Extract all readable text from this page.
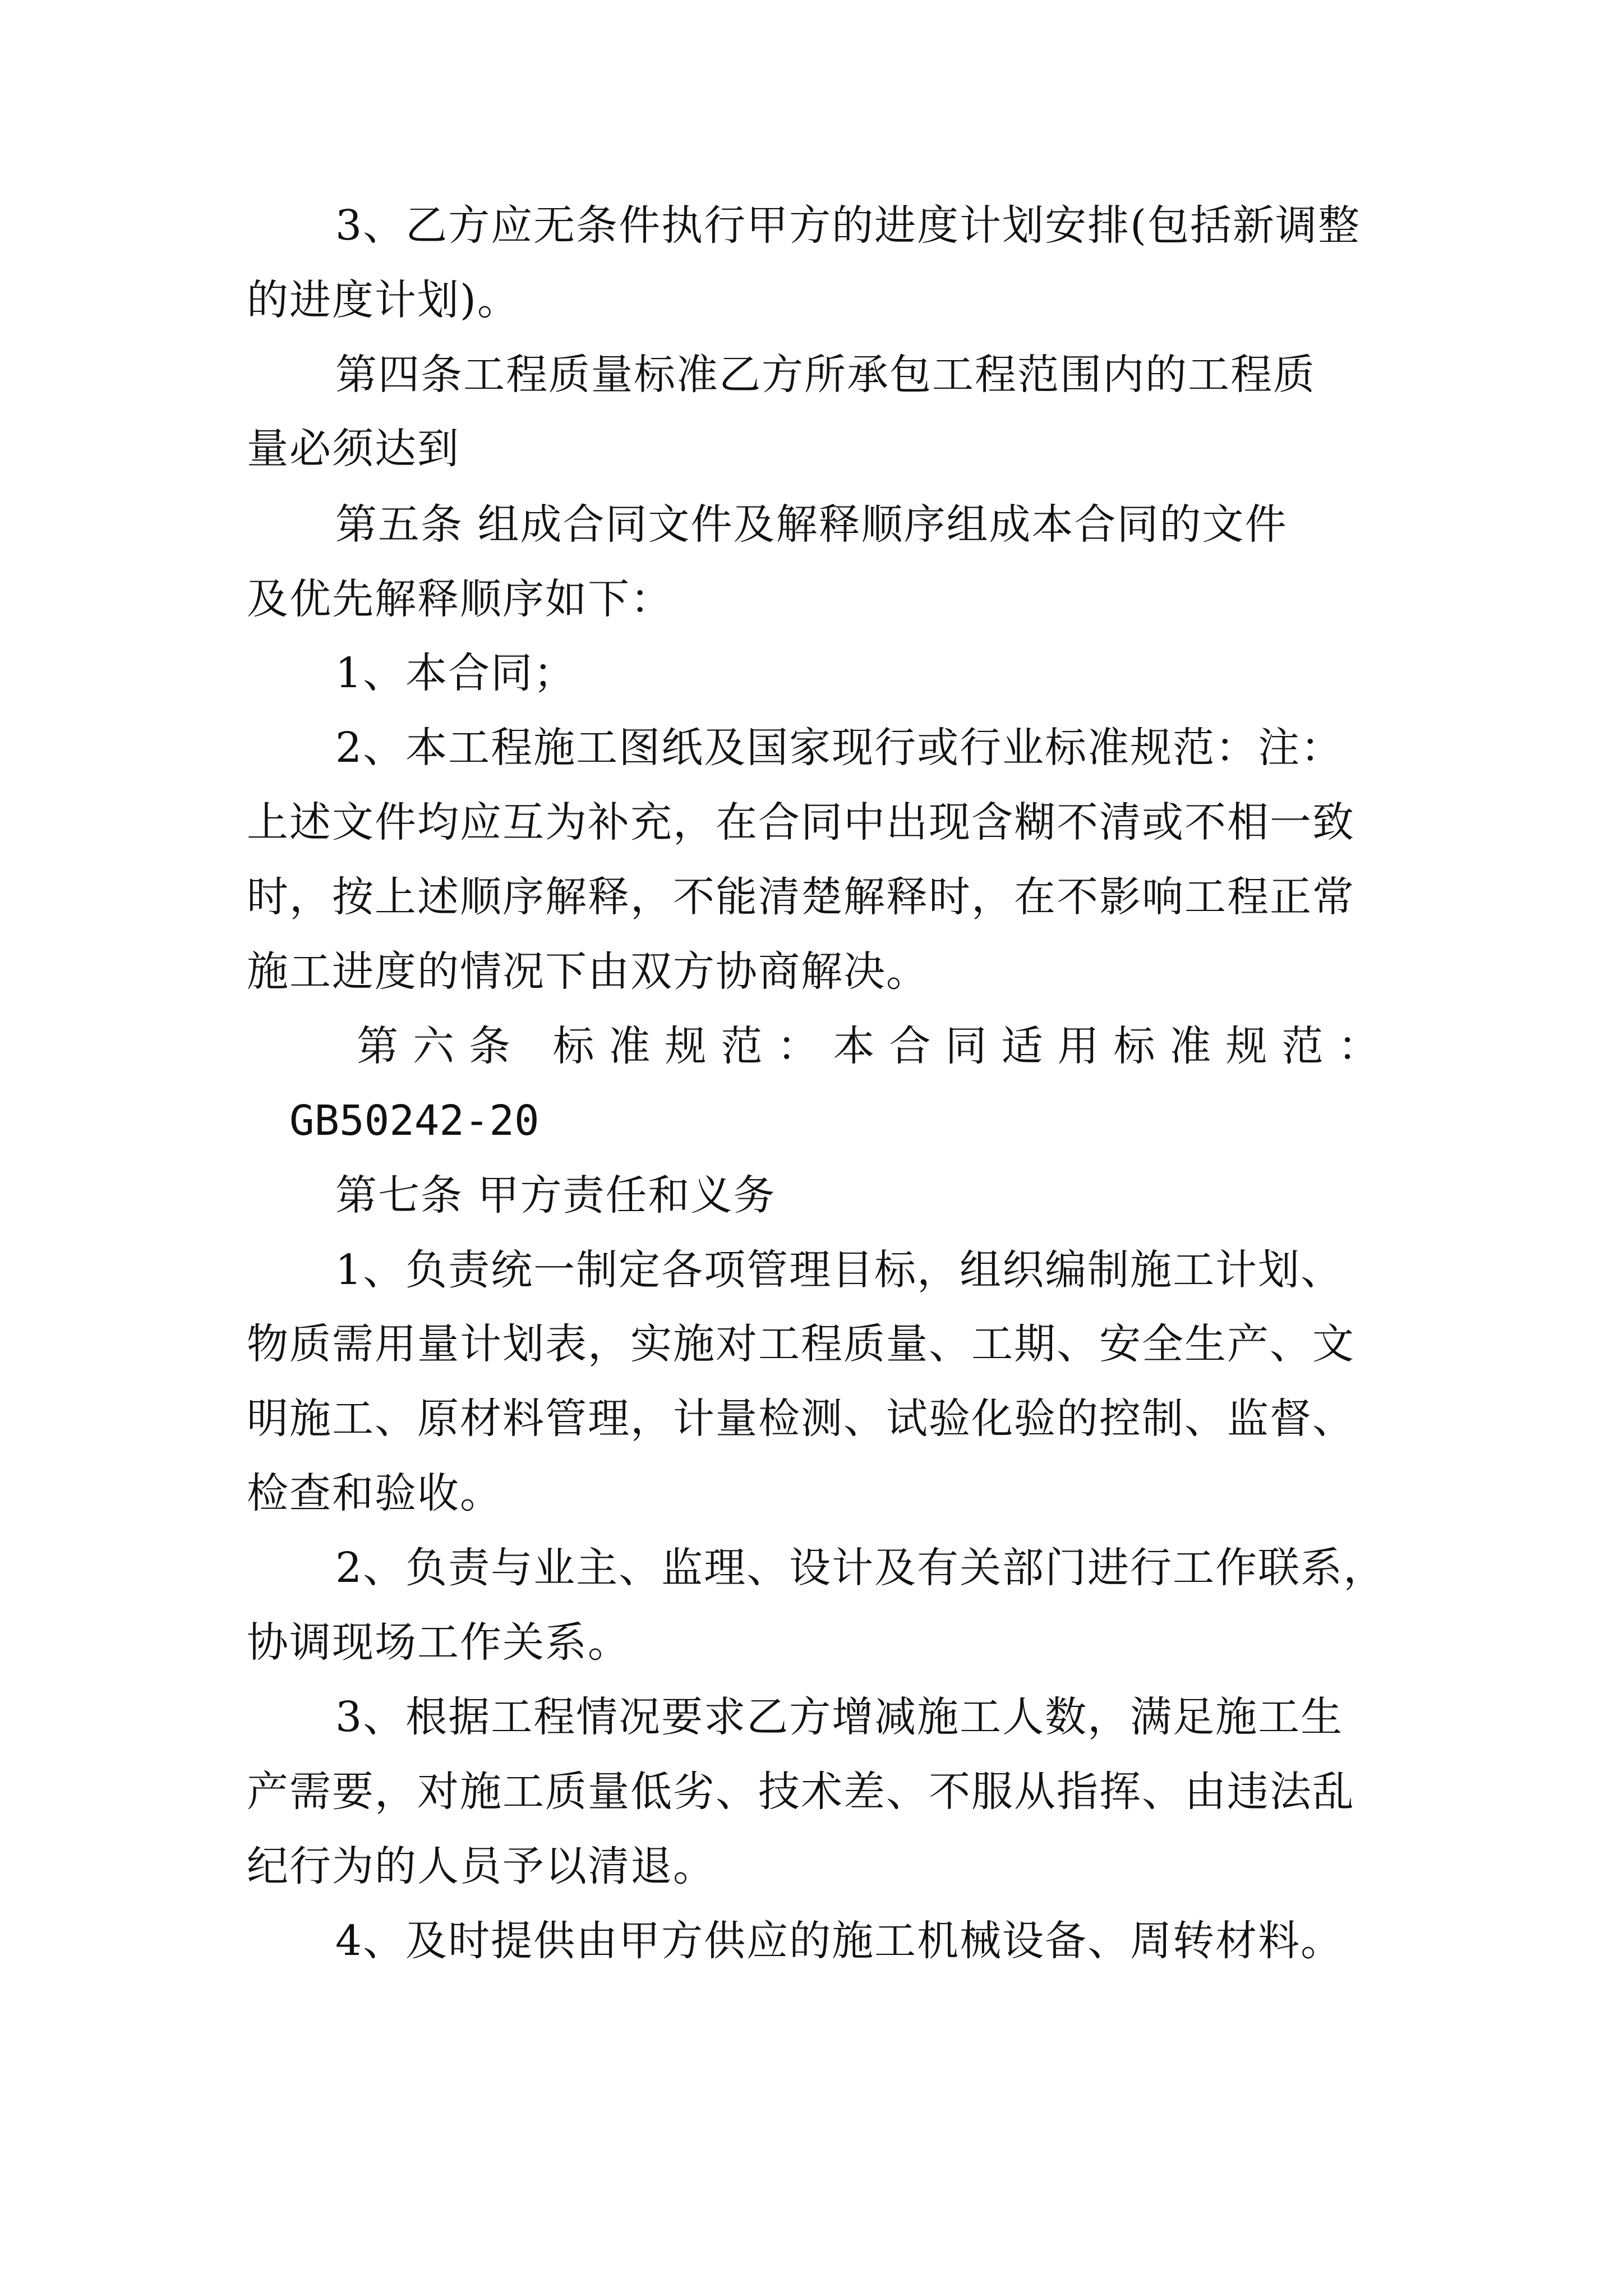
3、乙方应无条件执行甲方的进度计划安排(包括新调整
的进度计划)。
第四条工程质量标准乙方所承包工程范围内的工程质
量必须达到
第五条 组成合同文件及解释顺序组成本合同的文件
及优先解释顺序如下：
1、本合同；
2、本工程施工图纸及国家现行或行业标准规范：注：
上述文件均应互为补充，在合同中出现含糊不清或不相一致
时，按上述顺序解释，不能清楚解释时，在不影响工程正常
施工进度的情况下由双方协商解决。
第六条 标准规范：本合同适用标准规范：
GB50242-20
第七条 甲方责任和义务
1、负责统一制定各项管理目标，组织编制施工计划、
物质需用量计划表，实施对工程质量、工期、安全生产、文
明施工、原材料管理，计量检测、试验化验的控制、监督、
检查和验收。
2、负责与业主、监理、设计及有关部门进行工作联系，
协调现场工作关系。
3、根据工程情况要求乙方增减施工人数，满足施工生
产需要，对施工质量低劣、技术差、不服从指挥、由违法乱
纪行为的人员予以清退。
4、及时提供由甲方供应的施工机械设备、周转材料。
